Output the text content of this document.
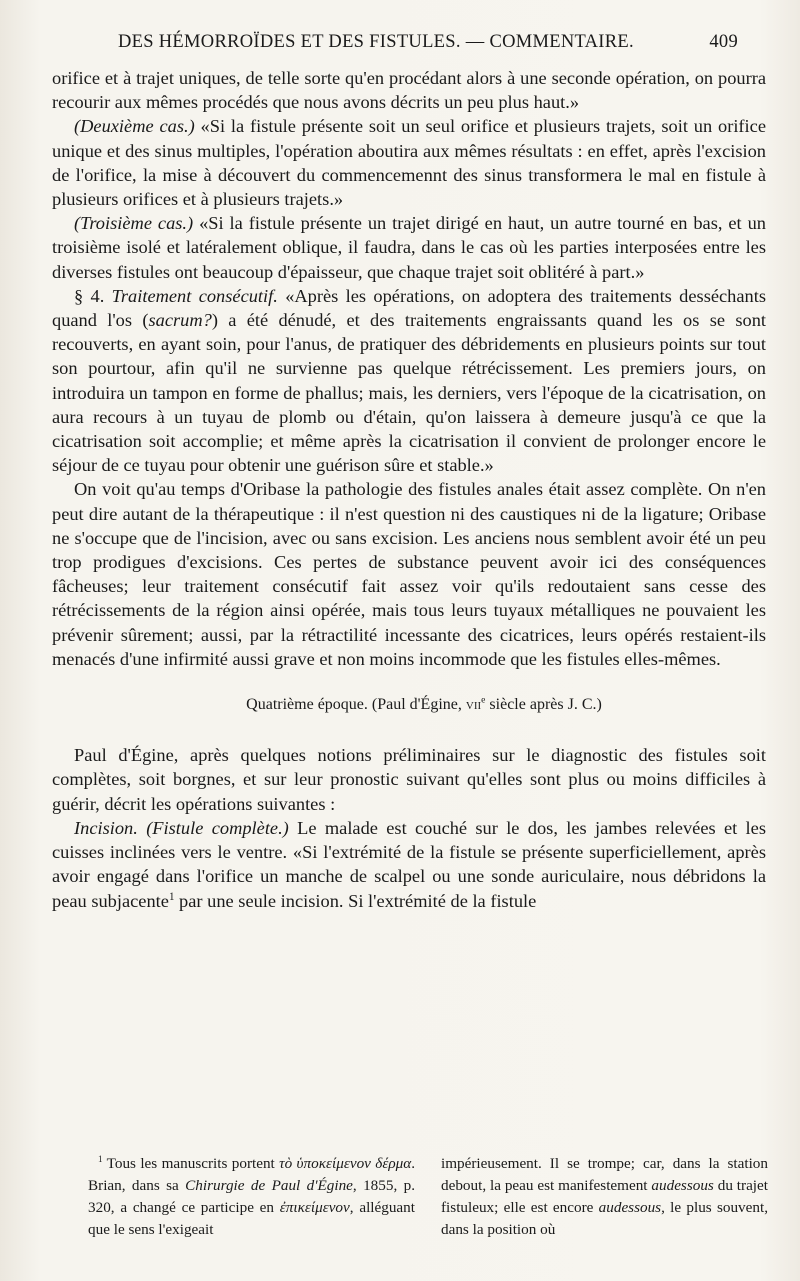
DES HÉMORROÏDES ET DES FISTULES. — COMMENTAIRE.	409

orifice et à trajet uniques, de telle sorte qu'en procédant alors à une seconde opération, on pourra recourir aux mêmes procédés que nous avons décrits un peu plus haut.»

(Deuxième cas.) «Si la fistule présente soit un seul orifice et plusieurs trajets, soit un orifice unique et des sinus multiples, l'opération aboutira aux mêmes résultats : en effet, après l'excision de l'orifice, la mise à découvert du commencemennt des sinus transformera le mal en fistule à plusieurs orifices et à plusieurs trajets.»

(Troisième cas.) «Si la fistule présente un trajet dirigé en haut, un autre tourné en bas, et un troisième isolé et latéralement oblique, il faudra, dans le cas où les parties interposées entre les diverses fistules ont beaucoup d'épaisseur, que chaque trajet soit oblitéré à part.»

§ 4. Traitement consécutif. «Après les opérations, on adoptera des traitements desséchants quand l'os (sacrum?) a été dénudé, et des traitements engraissants quand les os se sont recouverts, en ayant soin, pour l'anus, de pratiquer des débridements en plusieurs points sur tout son pourtour, afin qu'il ne survienne pas quelque rétrécissement. Les premiers jours, on introduira un tampon en forme de phallus; mais, les derniers, vers l'époque de la cicatrisation, on aura recours à un tuyau de plomb ou d'étain, qu'on laissera à demeure jusqu'à ce que la cicatrisation soit accomplie; et même après la cicatrisation il convient de prolonger encore le séjour de ce tuyau pour obtenir une guérison sûre et stable.»

On voit qu'au temps d'Oribase la pathologie des fistules anales était assez complète. On n'en peut dire autant de la thérapeutique : il n'est question ni des caustiques ni de la ligature; Oribase ne s'occupe que de l'incision, avec ou sans excision. Les anciens nous semblent avoir été un peu trop prodigues d'excisions. Ces pertes de substance peuvent avoir ici des conséquences fâcheuses; leur traitement consécutif fait assez voir qu'ils redoutaient sans cesse des rétrécissements de la région ainsi opérée, mais tous leurs tuyaux métalliques ne pouvaient les prévenir sûrement; aussi, par la rétractilité incessante des cicatrices, leurs opérés restaient-ils menacés d'une infirmité aussi grave et non moins incommode que les fistules elles-mêmes.

Quatrième époque. (Paul d'Égine, vii$^e$ siècle après J. C.)

Paul d'Égine, après quelques notions préliminaires sur le diagnostic des fistules soit complètes, soit borgnes, et sur leur pronostic suivant qu'elles sont plus ou moins difficiles à guérir, décrit les opérations suivantes :

Incision. (Fistule complète.) Le malade est couché sur le dos, les jambes relevées et les cuisses inclinées vers le ventre. «Si l'extrémité de la fistule se présente superficiellement, après avoir engagé dans l'orifice un manche de scalpel ou une sonde auriculaire, nous débridons la peau subjacente$^1$ par une seule incision. Si l'extrémité de la fistule

$^1$ Tous les manuscrits portent τὸ ὑποκείμενον δέρμα. Brian, dans sa Chirurgie de Paul d'Égine, 1855, p. 320, a changé ce participe en ἐπικείμενον, alléguant que le sens l'exigeait

impérieusement. Il se trompe; car, dans la station debout, la peau est manifestement audessous du trajet fistuleux; elle est encore audessous, le plus souvent, dans la position où
